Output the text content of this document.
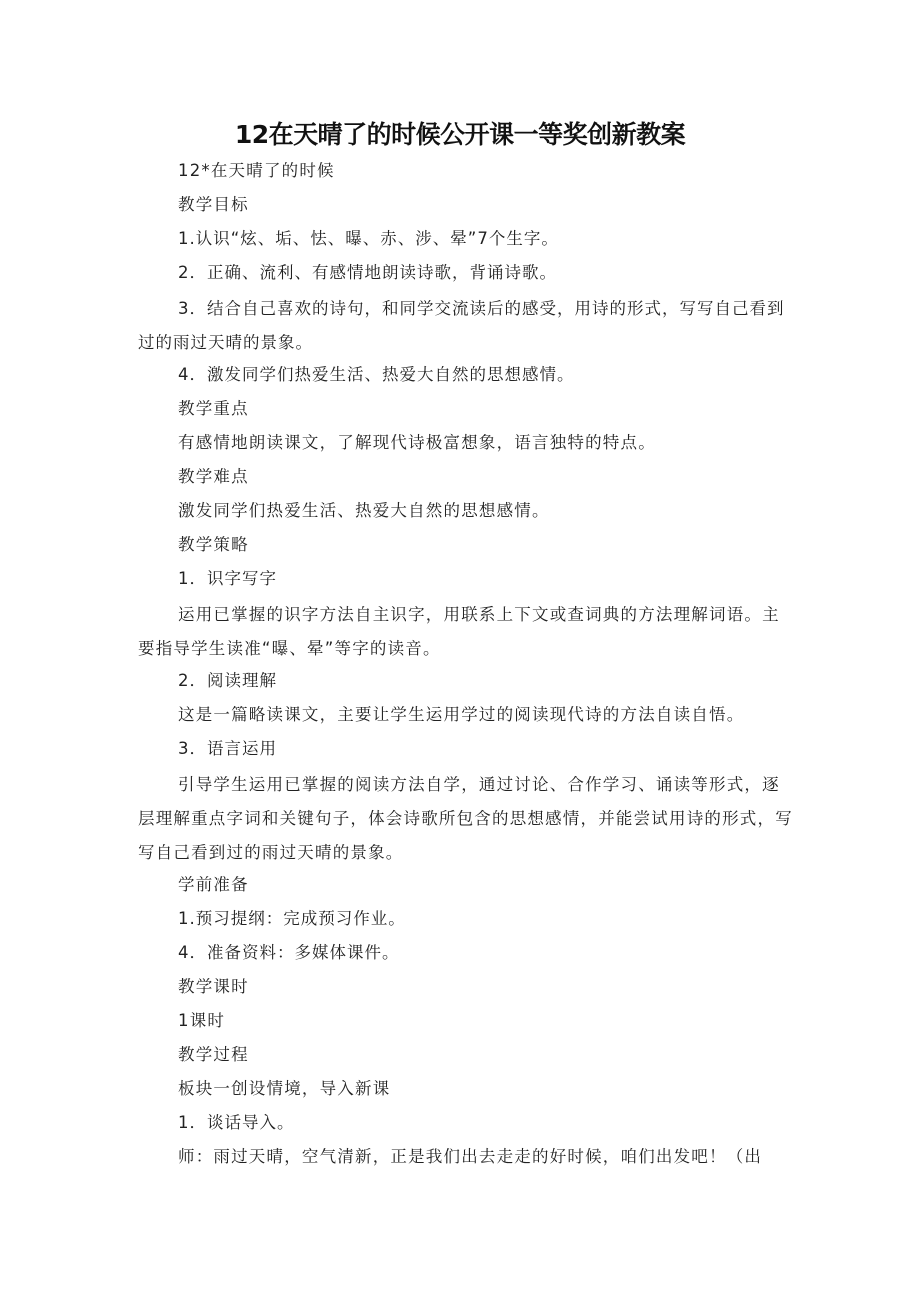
12在天晴了的时候公开课一等奖创新教案
12*在天晴了的时候
教学目标
1.认识“炫、垢、怯、曝、赤、涉、晕”7个生字。
2．正确、流利、有感情地朗读诗歌，背诵诗歌。
3．结合自己喜欢的诗句，和同学交流读后的感受，用诗的形式，写写自己看到过的雨过天晴的景象。
4．激发同学们热爱生活、热爱大自然的思想感情。
教学重点
有感情地朗读课文，了解现代诗极富想象，语言独特的特点。
教学难点
激发同学们热爱生活、热爱大自然的思想感情。
教学策略
1．识字写字
运用已掌握的识字方法自主识字，用联系上下文或查词典的方法理解词语。主要指导学生读准“曝、晕”等字的读音。
2．阅读理解
这是一篇略读课文，主要让学生运用学过的阅读现代诗的方法自读自悟。
3．语言运用
引导学生运用已掌握的阅读方法自学，通过讨论、合作学习、诵读等形式，逐层理解重点字词和关键句子，体会诗歌所包含的思想感情，并能尝试用诗的形式，写写自己看到过的雨过天晴的景象。
学前准备
1.预习提纲：完成预习作业。
4．准备资料：多媒体课件。
教学课时
1课时
教学过程
板块一创设情境，导入新课
1．谈话导入。
师：雨过天晴，空气清新，正是我们出去走走的好时候，咱们出发吧！（出
